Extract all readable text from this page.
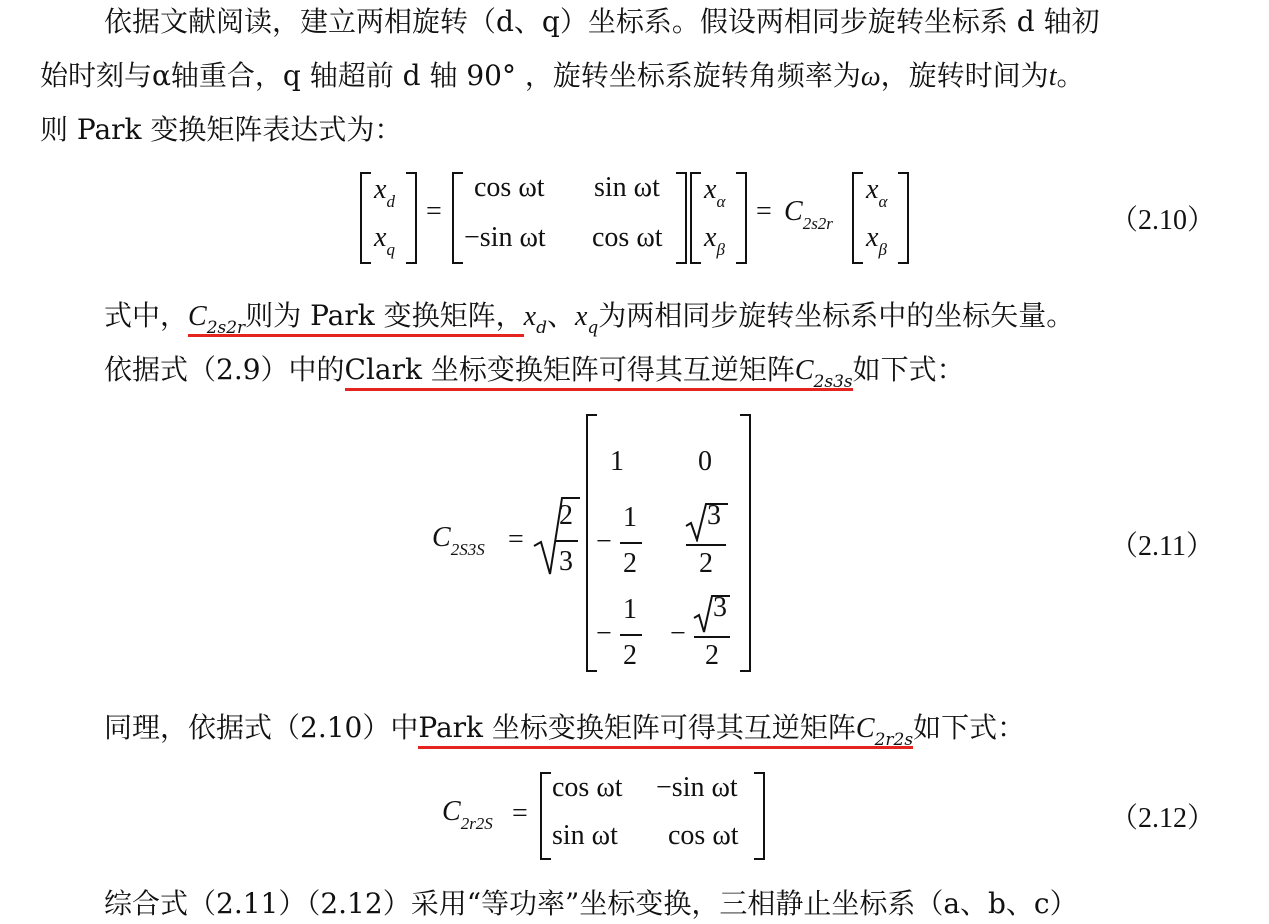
依据文献阅读，建立两相旋转（d、q）坐标系。假设两相同步旋转坐标系 d 轴初
始时刻与α轴重合，q 轴超前 d 轴 90° ，旋转坐标系旋转角频率为ω，旋转时间为t。
则 Park 变换矩阵表达式为：
$x_d$
$x_q$
=
cos ωt sin ωt
−sin ωt cos ωt
$x_\alpha$
$x_\beta$
= $C_{2s2r}$
$x_\alpha$
$x_\beta$
（2.10）
式中，$C_{2s2r}$则为 Park 变换矩阵，$x_d$、$x_q$为两相同步旋转坐标系中的坐标矢量。
依据式（2.9）中的Clark 坐标变换矩阵可得其互逆矩阵$C_{2s3s}$如下式：
$C_{2S3S}$ =
2
3
1	0
−
1
2
3
2
−
1
2
−
3
2
（2.11）
同理，依据式（2.10）中Park 坐标变换矩阵可得其互逆矩阵$C_{2r2s}$如下式：
$C_{2r2S}$ =
cos ωt −sin ωt
sin ωt cos ωt
（2.12）
综合式（2.11）（2.12）采用“等功率”坐标变换，三相静止坐标系（a、b、c）
